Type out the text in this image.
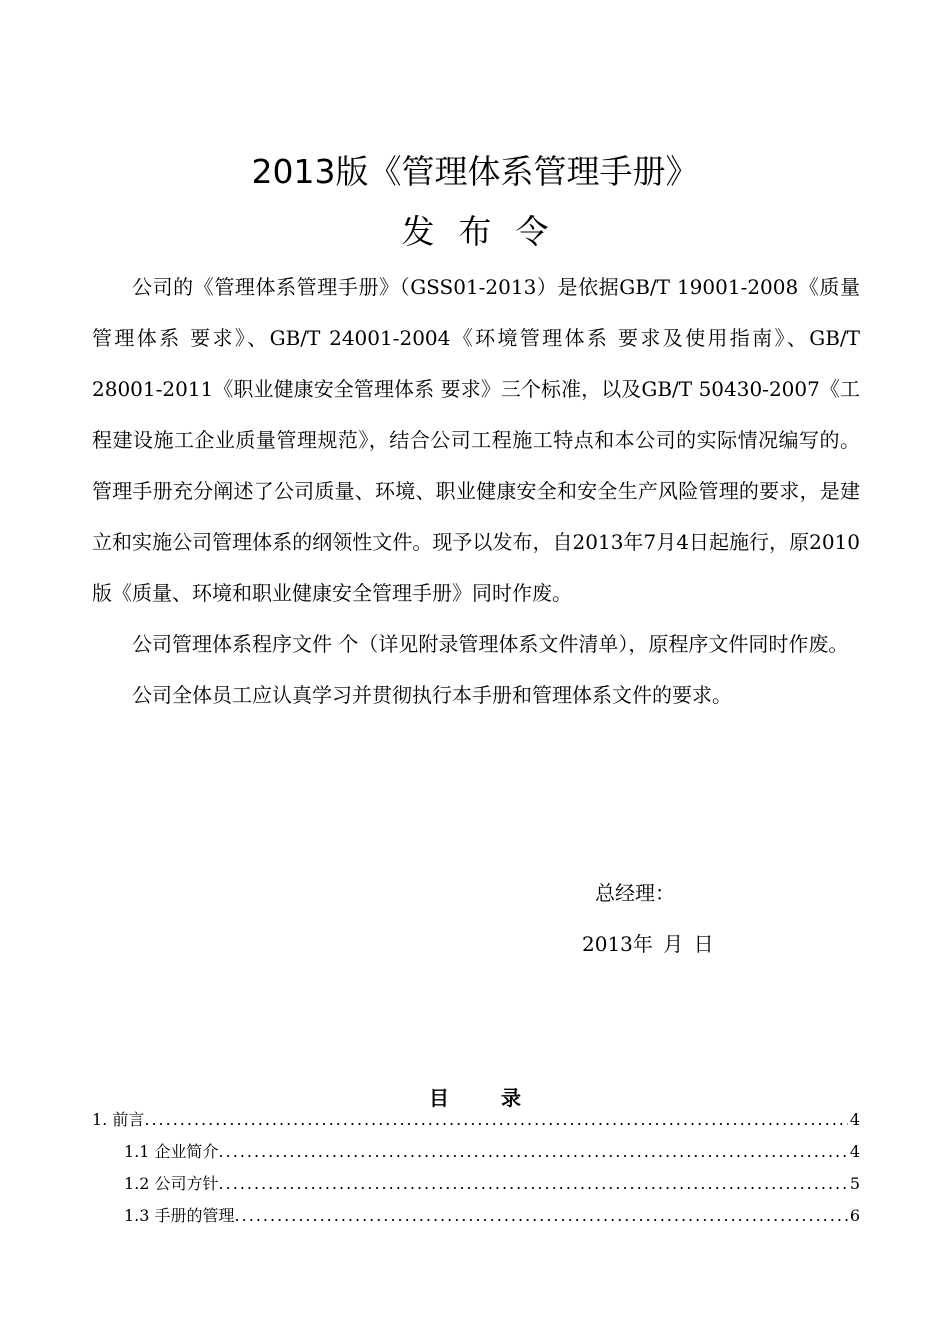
2013版《管理体系管理手册》
发布令

公司的《管理体系管理手册》（GSS01-2013）是依据GB/T 19001-2008《质量管理体系 要求》、GB/T 24001-2004《环境管理体系 要求及使用指南》、GB/T 28001-2011《职业健康安全管理体系 要求》三个标准，以及GB/T 50430-2007《工程建设施工企业质量管理规范》，结合公司工程施工特点和本公司的实际情况编写的。管理手册充分阐述了公司质量、环境、职业健康安全和安全生产风险管理的要求，是建立和实施公司管理体系的纲领性文件。现予以发布，自2013年7月4日起施行，原2010版《质量、环境和职业健康安全管理手册》同时作废。

公司管理体系程序文件 个（详见附录管理体系文件清单），原程序文件同时作废。

公司全体员工应认真学习并贯彻执行本手册和管理体系文件的要求。

总经理：
2013年 月 日
目录
1. 前言 .....	4
1.1 企业简介 .....	4
1.2 公司方针 .....	5
1.3 手册的管理 .....	6
